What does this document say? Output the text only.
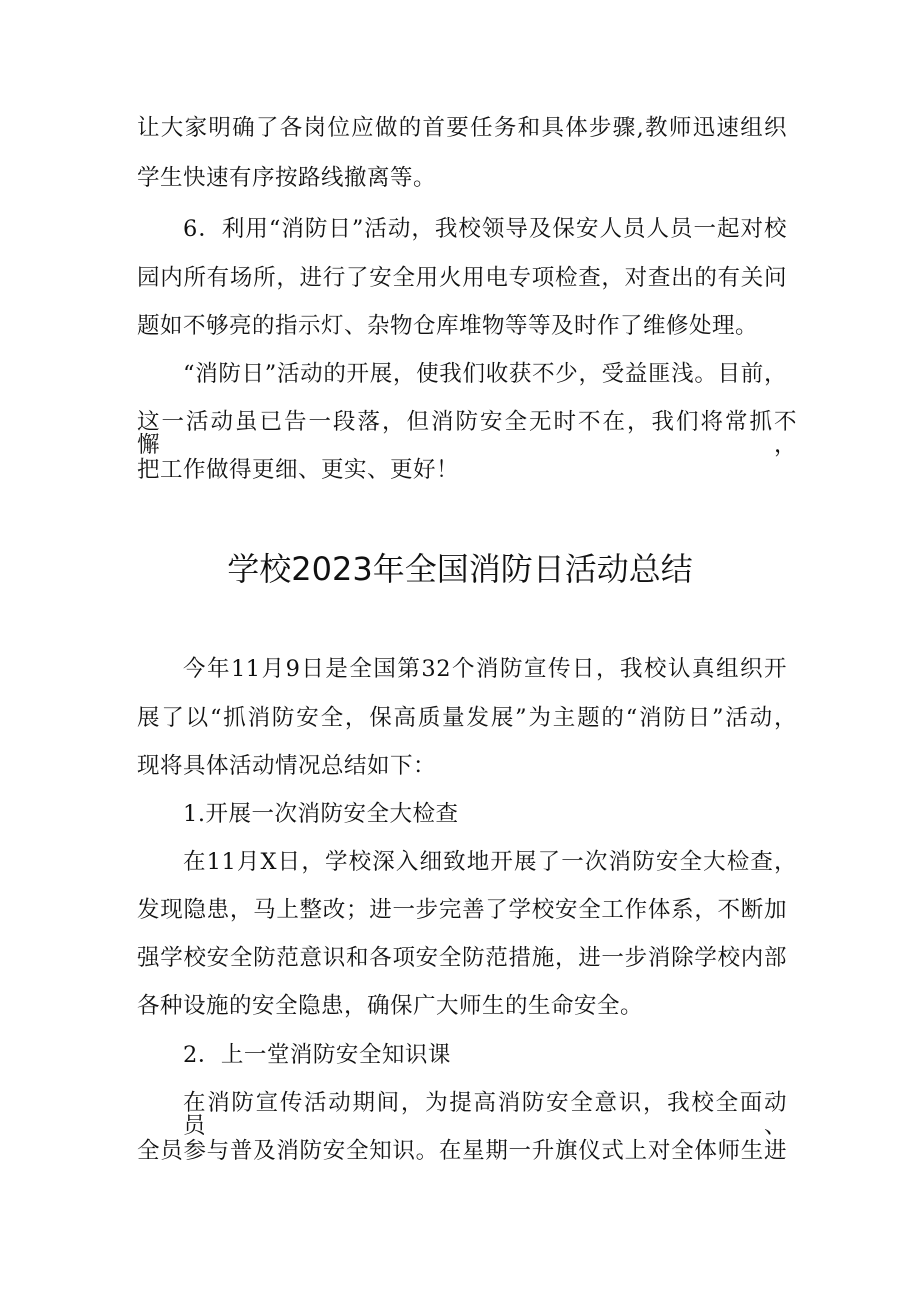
让大家明确了各岗位应做的首要任务和具体步骤,教师迅速组织
学生快速有序按路线撤离等。
6．利用“消防日”活动，我校领导及保安人员人员一起对校
园内所有场所，进行了安全用火用电专项检查，对查出的有关问
题如不够亮的指示灯、杂物仓库堆物等等及时作了维修处理。
“消防日”活动的开展，使我们收获不少，受益匪浅。目前，
这一活动虽已告一段落，但消防安全无时不在，我们将常抓不懈，
把工作做得更细、更实、更好！
学校2023年全国消防日活动总结
今年11月9日是全国第32个消防宣传日，我校认真组织开
展了以“抓消防安全，保高质量发展”为主题的“消防日”活动，
现将具体活动情况总结如下：
1.开展一次消防安全大检查
在11月X日，学校深入细致地开展了一次消防安全大检查，
发现隐患，马上整改；进一步完善了学校安全工作体系，不断加
强学校安全防范意识和各项安全防范措施，进一步消除学校内部
各种设施的安全隐患，确保广大师生的生命安全。
2．上一堂消防安全知识课
在消防宣传活动期间，为提高消防安全意识，我校全面动员、
全员参与普及消防安全知识。在星期一升旗仪式上对全体师生进
